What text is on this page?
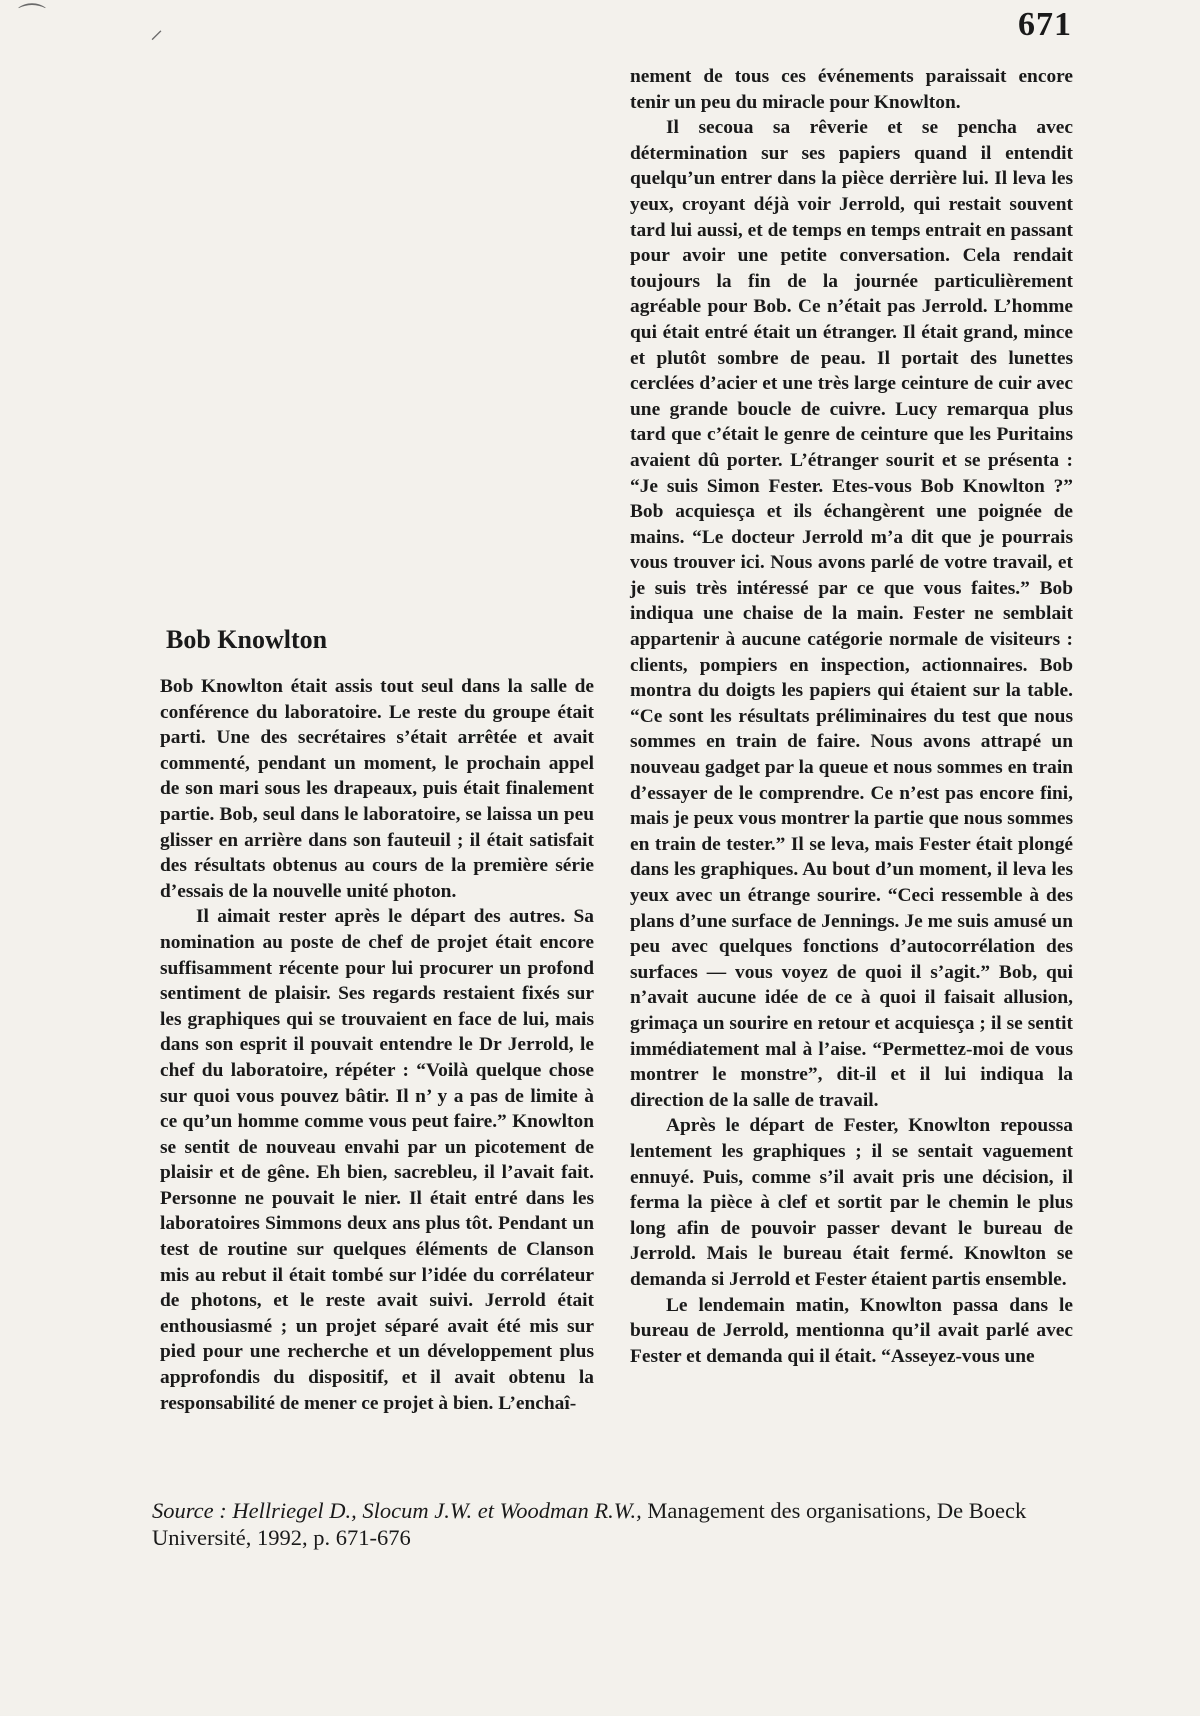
⌒	⸝	671
Bob Knowlton

Bob Knowlton était assis tout seul dans la salle de conférence du laboratoire. Le reste du groupe était parti. Une des secrétaires s’était arrêtée et avait commenté, pendant un moment, le prochain appel de son mari sous les drapeaux, puis était finalement partie. Bob, seul dans le laboratoire, se laissa un peu glisser en arrière dans son fauteuil ; il était satisfait des résultats obtenus au cours de la première série d’essais de la nouvelle unité photon.

Il aimait rester après le départ des autres. Sa nomination au poste de chef de projet était encore suffisamment récente pour lui procurer un profond sentiment de plaisir. Ses regards restaient fixés sur les graphiques qui se trouvaient en face de lui, mais dans son esprit il pouvait entendre le Dr Jerrold, le chef du laboratoire, répéter : “Voilà quelque chose sur quoi vous pouvez bâtir. Il n’ y a pas de limite à ce qu’un homme comme vous peut faire.” Knowlton se sentit de nouveau envahi par un picotement de plaisir et de gêne. Eh bien, sacrebleu, il l’avait fait. Personne ne pouvait le nier. Il était entré dans les laboratoires Simmons deux ans plus tôt. Pendant un test de routine sur quelques éléments de Clanson mis au rebut il était tombé sur l’idée du corrélateur de photons, et le reste avait suivi. Jerrold était enthousiasmé ; un projet séparé avait été mis sur pied pour une recherche et un développement plus approfondis du dispositif, et il avait obtenu la responsabilité de mener ce projet à bien. L’enchaî-

nement de tous ces événements paraissait encore tenir un peu du miracle pour Knowlton.

Il secoua sa rêverie et se pencha avec détermination sur ses papiers quand il entendit quelqu’un entrer dans la pièce derrière lui. Il leva les yeux, croyant déjà voir Jerrold, qui restait souvent tard lui aussi, et de temps en temps entrait en passant pour avoir une petite conversation. Cela rendait toujours la fin de la journée particulièrement agréable pour Bob. Ce n’était pas Jerrold. L’homme qui était entré était un étranger. Il était grand, mince et plutôt sombre de peau. Il portait des lunettes cerclées d’acier et une très large ceinture de cuir avec une grande boucle de cuivre. Lucy remarqua plus tard que c’était le genre de ceinture que les Puritains avaient dû porter. L’étranger sourit et se présenta : “Je suis Simon Fester. Etes-vous Bob Knowlton ?” Bob acquiesça et ils échangèrent une poignée de mains. “Le docteur Jerrold m’a dit que je pourrais vous trouver ici. Nous avons parlé de votre travail, et je suis très intéressé par ce que vous faites.” Bob indiqua une chaise de la main. Fester ne semblait appartenir à aucune catégorie normale de visiteurs : clients, pompiers en inspection, actionnaires. Bob montra du doigts les papiers qui étaient sur la table. “Ce sont les résultats préliminaires du test que nous sommes en train de faire. Nous avons attrapé un nouveau gadget par la queue et nous sommes en train d’essayer de le comprendre. Ce n’est pas encore fini, mais je peux vous montrer la partie que nous sommes en train de tester.” Il se leva, mais Fester était plongé dans les graphiques. Au bout d’un moment, il leva les yeux avec un étrange sourire. “Ceci ressemble à des plans d’une surface de Jennings. Je me suis amusé un peu avec quelques fonctions d’autocorrélation des surfaces — vous voyez de quoi il s’agit.” Bob, qui n’avait aucune idée de ce à quoi il faisait allusion, grimaça un sourire en retour et acquiesça ; il se sentit immédiatement mal à l’aise. “Permettez-moi de vous montrer le monstre”, dit-il et il lui indiqua la direction de la salle de travail.

Après le départ de Fester, Knowlton repoussa lentement les graphiques ; il se sentait vaguement ennuyé. Puis, comme s’il avait pris une décision, il ferma la pièce à clef et sortit par le chemin le plus long afin de pouvoir passer devant le bureau de Jerrold. Mais le bureau était fermé. Knowlton se demanda si Jerrold et Fester étaient partis ensemble.

Le lendemain matin, Knowlton passa dans le bureau de Jerrold, mentionna qu’il avait parlé avec Fester et demanda qui il était. “Asseyez-vous une

Source : Hellriegel D., Slocum J.W. et Woodman R.W., Management des organisations, De Boeck Université, 1992, p. 671-676
